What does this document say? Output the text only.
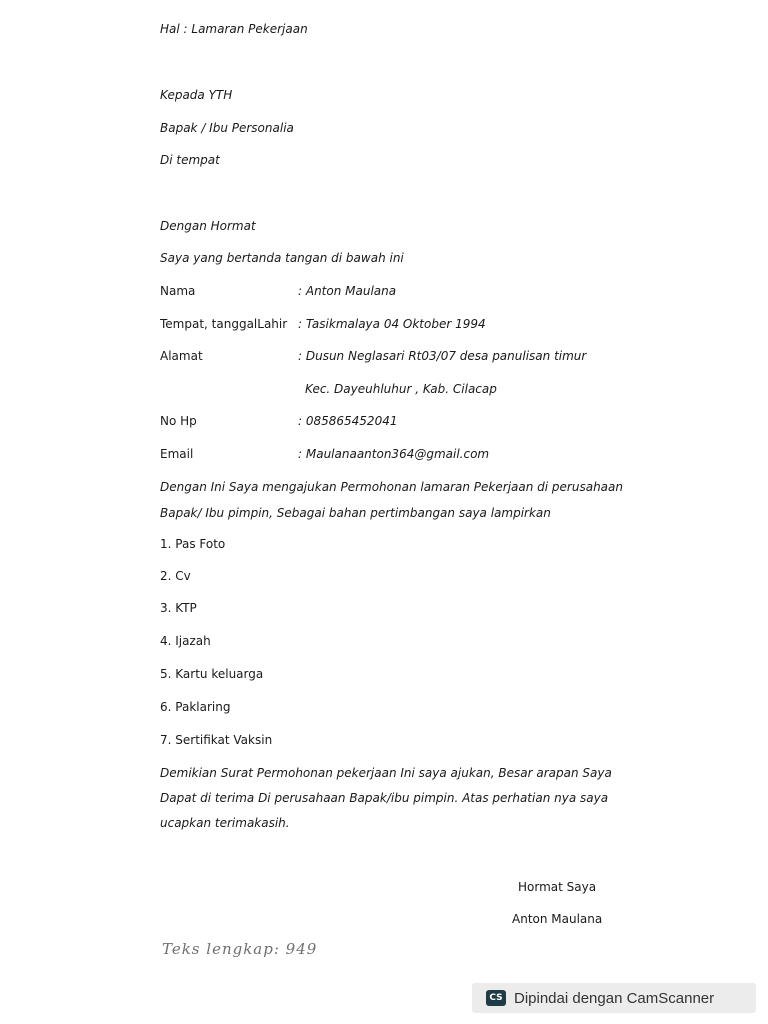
Hal : Lamaran Pekerjaan
Kepada YTH
Bapak / Ibu Personalia
Di tempat
Dengan Hormat
Saya yang bertanda tangan di bawah ini
Nama	: Anton Maulana
Tempat, tanggalLahir : Tasikmalaya 04 Oktober 1994
Alamat	: Dusun Neglasari Rt03/07 desa panulisan timur
Kec. Dayeuhluhur , Kab. Cilacap
No Hp	: 085865452041
Email	: Maulanaanton364@gmail.com
Dengan Ini Saya mengajukan Permohonan lamaran Pekerjaan di perusahaan
Bapak/ Ibu pimpin, Sebagai bahan pertimbangan saya lampirkan
1. Pas Foto
2. Cv
3. KTP
4. Ijazah
5. Kartu keluarga
6. Paklaring
7. Sertifikat Vaksin
Demikian Surat Permohonan pekerjaan Ini saya ajukan, Besar arapan Saya
Dapat di terima Di perusahaan Bapak/ibu pimpin. Atas perhatian nya saya
ucapkan terimakasih.
Hormat Saya
Anton Maulana
Teks lengkap: 949
CS Dipindai dengan CamScanner
